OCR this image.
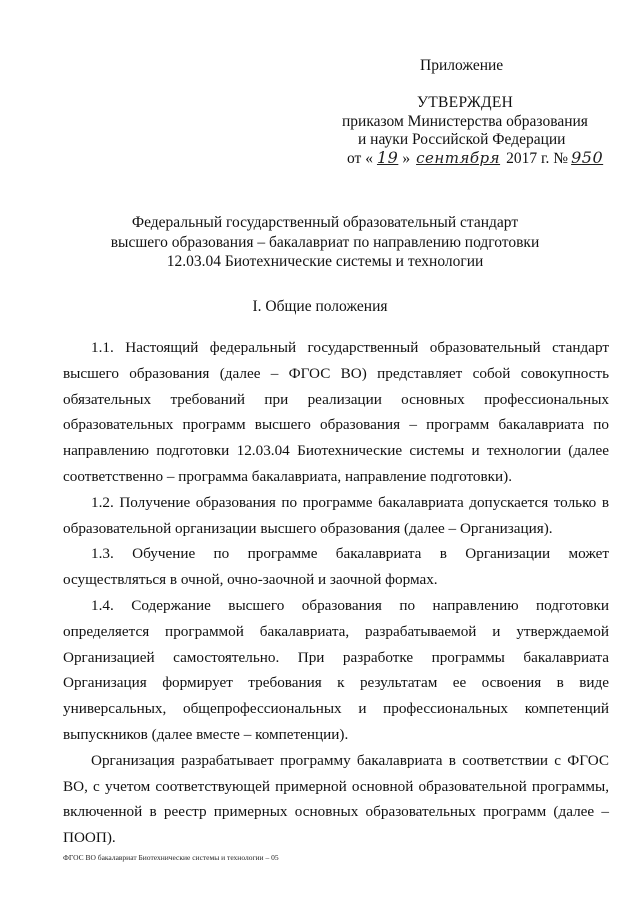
Приложение
УТВЕРЖДЕН
приказом Министерства образования
и науки Российской Федерации
от « 19 » сентября 2017 г. № 950
Федеральный государственный образовательный стандарт
высшего образования – бакалавриат по направлению подготовки
12.03.04 Биотехнические системы и технологии
I. Общие положения

1.1. Настоящий федеральный государственный образовательный стандарт высшего образования (далее – ФГОС ВО) представляет собой совокупность обязательных требований при реализации основных профессиональных образовательных программ высшего образования – программ бакалавриата по направлению подготовки 12.03.04 Биотехнические системы и технологии (далее соответственно – программа бакалавриата, направление подготовки).

1.2. Получение образования по программе бакалавриата допускается только в образовательной организации высшего образования (далее – Организация).

1.3. Обучение по программе бакалавриата в Организации может осуществляться в очной, очно-заочной и заочной формах.

1.4. Содержание высшего образования по направлению подготовки определяется программой бакалавриата, разрабатываемой и утверждаемой Организацией самостоятельно. При разработке программы бакалавриата Организация формирует требования к результатам ее освоения в виде универсальных, общепрофессиональных и профессиональных компетенций выпускников (далее вместе – компетенции).

Организация разрабатывает программу бакалавриата в соответствии с ФГОС ВО, с учетом соответствующей примерной основной образовательной программы, включенной в реестр примерных основных образовательных программ (далее – ПООП).

ФГОС ВО бакалавриат Биотехнические системы и технологии – 05
